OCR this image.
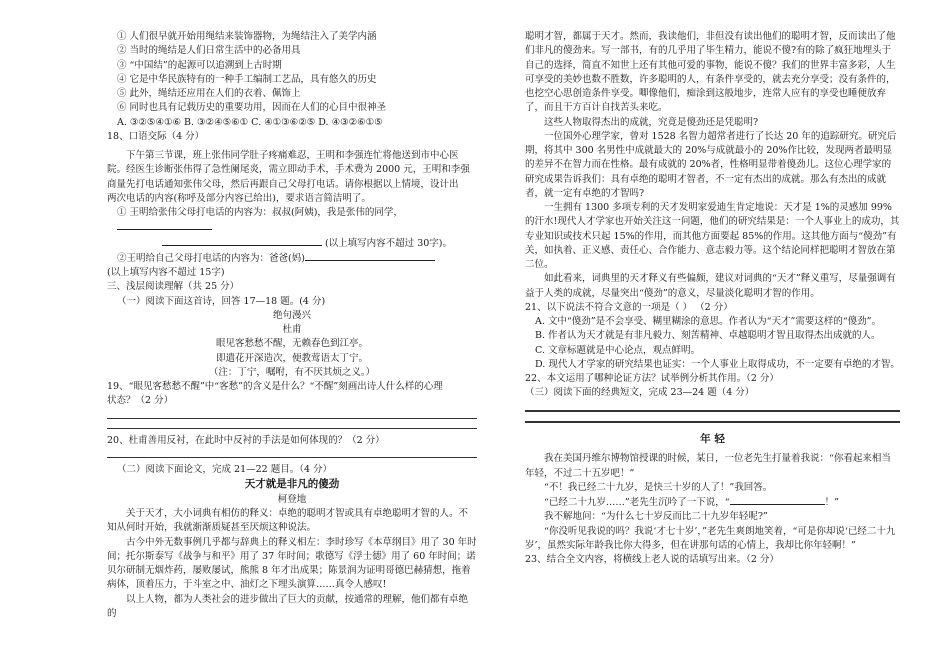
① 人们很早就开始用绳结来装饰器物，为绳结注入了美学内涵

② 当时的绳结是人们日常生活中的必备用具

③ “中国结”的起源可以追溯到上古时期

④ 它是中华民族特有的一种手工编制工艺品，具有悠久的历史

⑤ 此外，绳结还应用在人们的衣着、佩饰上

⑥ 同时也具有记载历史的重要功用，因而在人们的心目中很神圣

A. ③②⑤④①⑥ B. ③②④⑤⑥① C. ④①③⑥②⑤ D. ④③②⑥①⑤

18、口语交际（4 分）

下午第三节课，班上张伟同学肚子疼痛难忍，王明和李强连忙将他送到市中心医

院。经医生诊断张伟得了急性阑尾炎，需立即动手术，手术费为 2000 元，王明和李强

商量先打电话通知张伟父母，然后再跟自己父母打电话。请你根据以上情境，设计出

两次电话的内容(称呼及部分内容已给出)，要求语言简洁明了。

① 王明给张伟父母打电话的内容为：叔叔(阿姨)，我是张伟的同学，

(以上填写内容不超过 30字)。

②王明给自己父母打电话的内容为：爸爸(妈)

(以上填写内容不超过 15字)

三、浅层阅读理解（共 25 分）

（一）阅读下面这首诗，回答 17—18 题。(4 分)

绝句漫兴

杜甫

眼见客愁愁不醒，无赖春色到江亭。

即遣花开深造次，便教莺语太丁宁。

（注：丁宁，嘱咐，有不厌其烦之义。）

19、“眼见客愁愁不醒”中“客愁”的含义是什么？“不醒”刻画出诗人什么样的心理

状态？（2 分）

20、杜甫善用反衬，在此时中反衬的手法是如何体现的？（2 分）

（二）阅读下面论文，完成 21—22 题目。（4 分）

天才就是非凡的傻劲

柯登地

关于天才，大小词典有相仿的释义：卓绝的聪明才智或具有卓绝聪明才智的人。不知从何时开始，我就渐渐质疑甚至厌烦这种说法。

古今中外无数事例几乎都与辞典上的释义相左：李时珍写《本草纲目》用了 30 年时间；托尔斯泰写《战争与和平》用了 37 年时间；歌德写《浮士德》用了 60 年时间；诺贝尔研制无烟炸药，屡败屡试，熊熊 8 年才出成果；陈景润为证明哥德巴赫猜想，拖着病体，顶着压力，于斗室之中、油灯之下埋头演算……真令人感叹!

以上人物，都为人类社会的进步做出了巨大的贡献，按通常的理解，他们都有卓绝的

聪明才智，都属于天才。然而，我读他们，非但没有读出他们的聪明才智，反而读出了他们非凡的傻劲来。写一部书，有的几乎用了毕生精力，能说不傻?有的除了疯狂地埋头于自己的选择，简直不知世上还有其他可爱的事物，能说不傻？我们的世界丰富多彩，人生可享受的美妙也数不胜数，许多聪明的人，有条件享受的，就去充分享受；没有条件的，也挖空心思创造条件享受。唧像他们，痴涂到这般地步，连常人应有的享受也睡便放弃了，而且干方百计自找苦头来吃。

这些人物取得杰出的成就，究竟是傻劲还是凭聪明?

一位国外心理学家，曾对 1528 名智力超常者进行了长达 20 年的追踪研究。研究后期，将其中 300 名男性中成就最大的 20%与成就最小的 20%作比较，发现两者最明显的差异不在智力而在性格。最有成就的 20%者，性格明显带着傻劲儿。这位心理学家的研究成果告诉我们：具有卓绝的聪明才智者，不一定有杰出的成就。那么有杰出的成就者，就一定有卓绝的才智吗?

一生拥有 1300 多项专利的天才发明家爱迪生肯定地说：天才是 1%的灵感加 99%的汗水!现代人才学家也开始关注这一问题，他们的研究结果是：一个人事业上的成功，其专业知识或技术只起 15%的作用，而其他方面要起 85%的作用。这其他方面与“傻劲”有关，如执着、正义感、责任心、合作能力、意志毅力等。这个结论同样把聪明才智放在第二位。

如此看来，词典里的天才释义有些偏颇，建议对词典的“天才”释义重写，尽量强调有益于人类的成就，尽量突出“傻劲”的意义，尽量淡化聪明才智的作用。

21、以下说法不符合文意的一项是（ ） （2 分）

A. 文中“傻劲”是不会享受、糊里糊涂的意思。作者认为“天才”需要这样的“傻劲”。

B. 作者认为天才就是有非凡毅力、刻苦精神、卓越聪明才智且取得杰出成就的人。

C. 文章标题就是中心论点，观点鲜明。

D. 现代人才学家的研究结果也证实：一个人事业上取得成功，不一定要有卓绝的才智。

22、本文运用了哪种论证方法？试举例分析其作用。（2 分）

（三）阅读下面的经典短文，完成 23—24 题（4 分）

年 轻

我在美国丹维尔博物馆授课的时候，某日，一位老先生打量着我说：“你看起来相当年轻，不过二十五岁吧！”

“不！我已经二十九岁，是快三十岁的人了！”我回答。

“已经二十九岁……”老先生沉吟了一下说，“	！”

我不解地问：“为什么七十岁反而比二十九岁年轻呢?”

“你没听见我说的吗？我说‘才七十岁’，”老先生爽朗地笑着，“可是你却说‘已经二十九岁’，虽然实际年龄我比你大得多，但在讲那句话的心情上，我却比你年轻啊！”

23、结合全文内容，将横线上老人说的话填写出来。（2 分）
